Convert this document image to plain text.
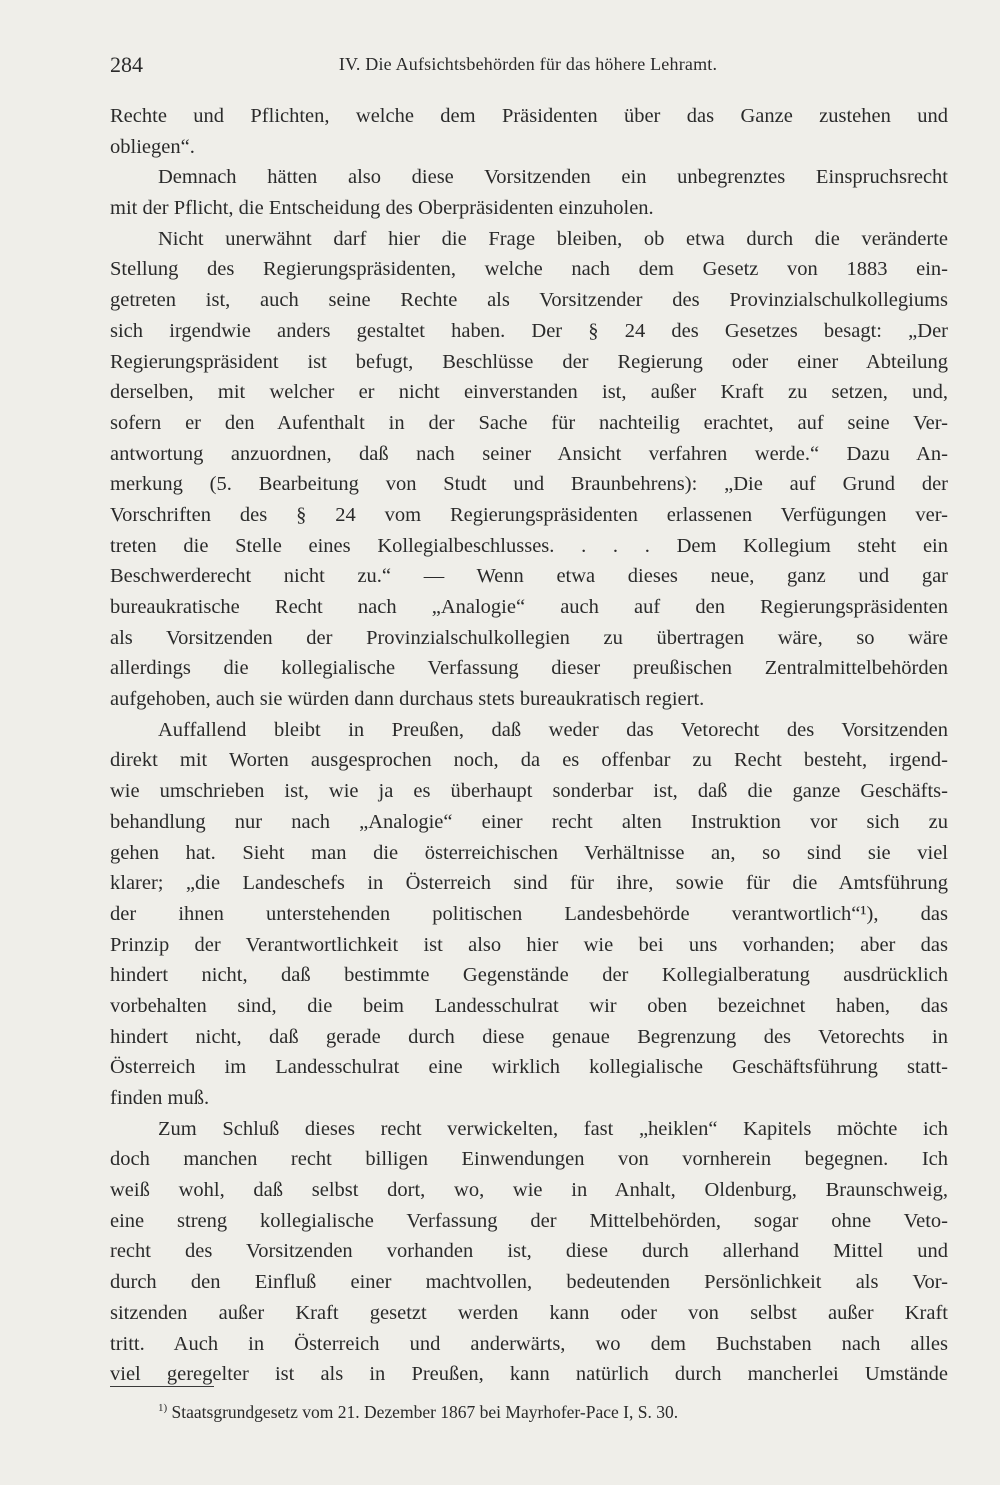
284	IV. Die Aufsichtsbehörden für das höhere Lehramt.
Rechte und Pflichten, welche dem Präsidenten über das Ganze zustehen und
obliegen“.
Demnach hätten also diese Vorsitzenden ein unbegrenztes Einspruchsrecht
mit der Pflicht, die Entscheidung des Oberpräsidenten einzuholen.
Nicht unerwähnt darf hier die Frage bleiben, ob etwa durch die veränderte
Stellung des Regierungspräsidenten, welche nach dem Gesetz von 1883 ein-
getreten ist, auch seine Rechte als Vorsitzender des Provinzialschulkollegiums
sich irgendwie anders gestaltet haben. Der § 24 des Gesetzes besagt: „Der
Regierungspräsident ist befugt, Beschlüsse der Regierung oder einer Abteilung
derselben, mit welcher er nicht einverstanden ist, außer Kraft zu setzen, und,
sofern er den Aufenthalt in der Sache für nachteilig erachtet, auf seine Ver-
antwortung anzuordnen, daß nach seiner Ansicht verfahren werde.“ Dazu An-
merkung (5. Bearbeitung von Studt und Braunbehrens): „Die auf Grund der
Vorschriften des § 24 vom Regierungspräsidenten erlassenen Verfügungen ver-
treten die Stelle eines Kollegialbeschlusses. . . . Dem Kollegium steht ein
Beschwerderecht nicht zu.“ — Wenn etwa dieses neue, ganz und gar
bureaukratische Recht nach „Analogie“ auch auf den Regierungspräsidenten
als Vorsitzenden der Provinzialschulkollegien zu übertragen wäre, so wäre
allerdings die kollegialische Verfassung dieser preußischen Zentralmittelbehörden
aufgehoben, auch sie würden dann durchaus stets bureaukratisch regiert.
Auffallend bleibt in Preußen, daß weder das Vetorecht des Vorsitzenden
direkt mit Worten ausgesprochen noch, da es offenbar zu Recht besteht, irgend-
wie umschrieben ist, wie ja es überhaupt sonderbar ist, daß die ganze Geschäfts-
behandlung nur nach „Analogie“ einer recht alten Instruktion vor sich zu
gehen hat. Sieht man die österreichischen Verhältnisse an, so sind sie viel
klarer; „die Landeschefs in Österreich sind für ihre, sowie für die Amtsführung
der ihnen unterstehenden politischen Landesbehörde verantwortlich“¹), das
Prinzip der Verantwortlichkeit ist also hier wie bei uns vorhanden; aber das
hindert nicht, daß bestimmte Gegenstände der Kollegialberatung ausdrücklich
vorbehalten sind, die beim Landesschulrat wir oben bezeichnet haben, das
hindert nicht, daß gerade durch diese genaue Begrenzung des Vetorechts in
Österreich im Landesschulrat eine wirklich kollegialische Geschäftsführung statt-
finden muß.
Zum Schluß dieses recht verwickelten, fast „heiklen“ Kapitels möchte ich
doch manchen recht billigen Einwendungen von vornherein begegnen. Ich
weiß wohl, daß selbst dort, wo, wie in Anhalt, Oldenburg, Braunschweig,
eine streng kollegialische Verfassung der Mittelbehörden, sogar ohne Veto-
recht des Vorsitzenden vorhanden ist, diese durch allerhand Mittel und
durch den Einfluß einer machtvollen, bedeutenden Persönlichkeit als Vor-
sitzenden außer Kraft gesetzt werden kann oder von selbst außer Kraft
tritt. Auch in Österreich und anderwärts, wo dem Buchstaben nach alles
viel geregelter ist als in Preußen, kann natürlich durch mancherlei Umstände
$^{1)}$ Staatsgrundgesetz vom 21. Dezember 1867 bei Mayrhofer-Pace I, S. 30.
